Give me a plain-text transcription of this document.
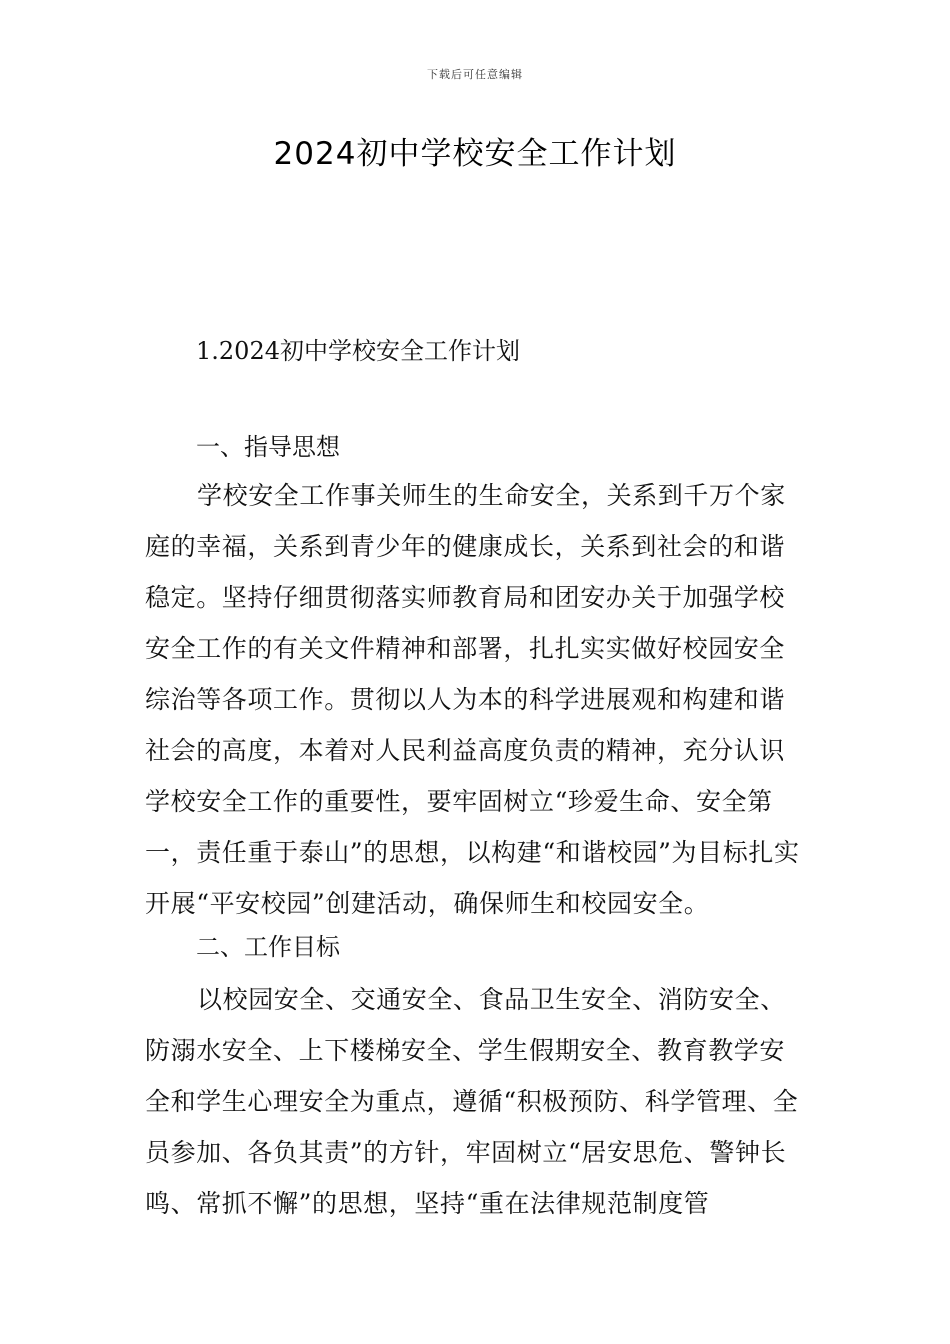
下载后可任意编辑
2024初中学校安全工作计划
1.2024初中学校安全工作计划
一、指导思想
学校安全工作事关师生的生命安全，关系到千万个家庭的幸福，关系到青少年的健康成长，关系到社会的和谐稳定。坚持仔细贯彻落实师教育局和团安办关于加强学校安全工作的有关文件精神和部署，扎扎实实做好校园安全综治等各项工作。贯彻以人为本的科学进展观和构建和谐社会的高度，本着对人民利益高度负责的精神，充分认识学校安全工作的重要性，要牢固树立“珍爱生命、安全第一，责任重于泰山”的思想，以构建“和谐校园”为目标扎实开展“平安校园”创建活动，确保师生和校园安全。
二、工作目标
以校园安全、交通安全、食品卫生安全、消防安全、防溺水安全、上下楼梯安全、学生假期安全、教育教学安全和学生心理安全为重点，遵循“积极预防、科学管理、全员参加、各负其责”的方针，牢固树立“居安思危、警钟长鸣、常抓不懈”的思想，坚持“重在法律规范制度管
